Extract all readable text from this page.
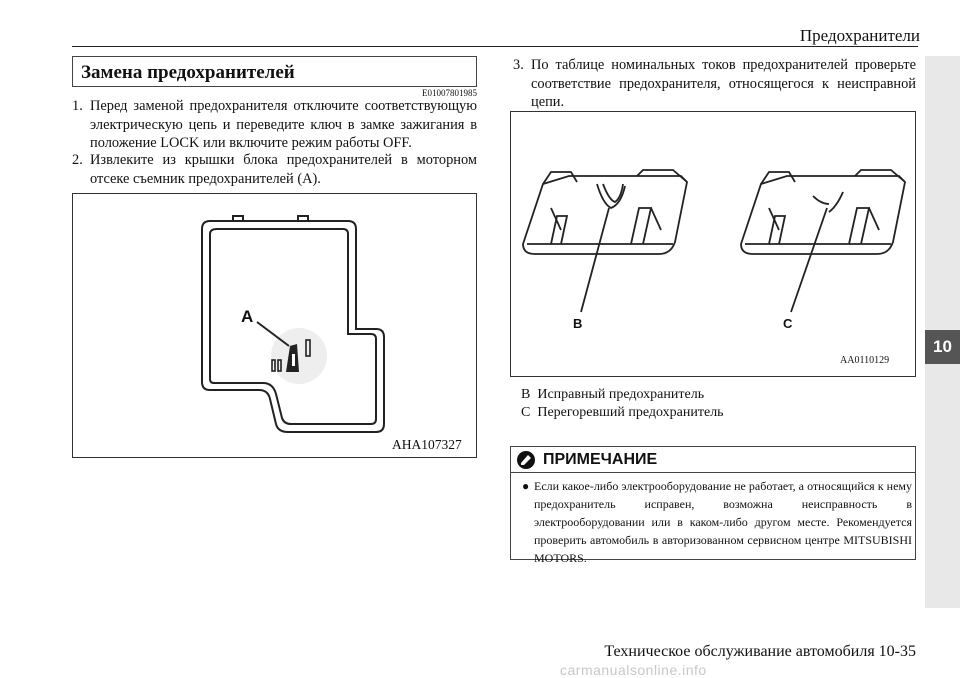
Предохранители
10
Замена предохранителей
E01007801985
1. Перед заменой предохранителя отключите соответствующую электрическую цепь и переведите ключ в замке зажигания в положение LOCK или включите режим работы OFF.
2. Извлеките из крышки блока предохранителей в моторном отсеке съемник предохранителей (A).
3. По таблице номинальных токов предохранителей проверьте соответствие предохранителя, относящегося к неисправной цепи.
A
AHA107327
B	C
AA0110129
B Исправный предохранитель
C Перегоревший предохранитель
ПРИМЕЧАНИЕ
● Если какое-либо электрооборудование не работает, а относящийся к нему предохранитель исправен, возможна неисправность в электрооборудовании или в каком-либо другом месте. Рекомендуется проверить автомобиль в авторизованном сервисном центре MITSUBISHI MOTORS.
Техническое обслуживание автомобиля 10-35
carmanualsonline.info
